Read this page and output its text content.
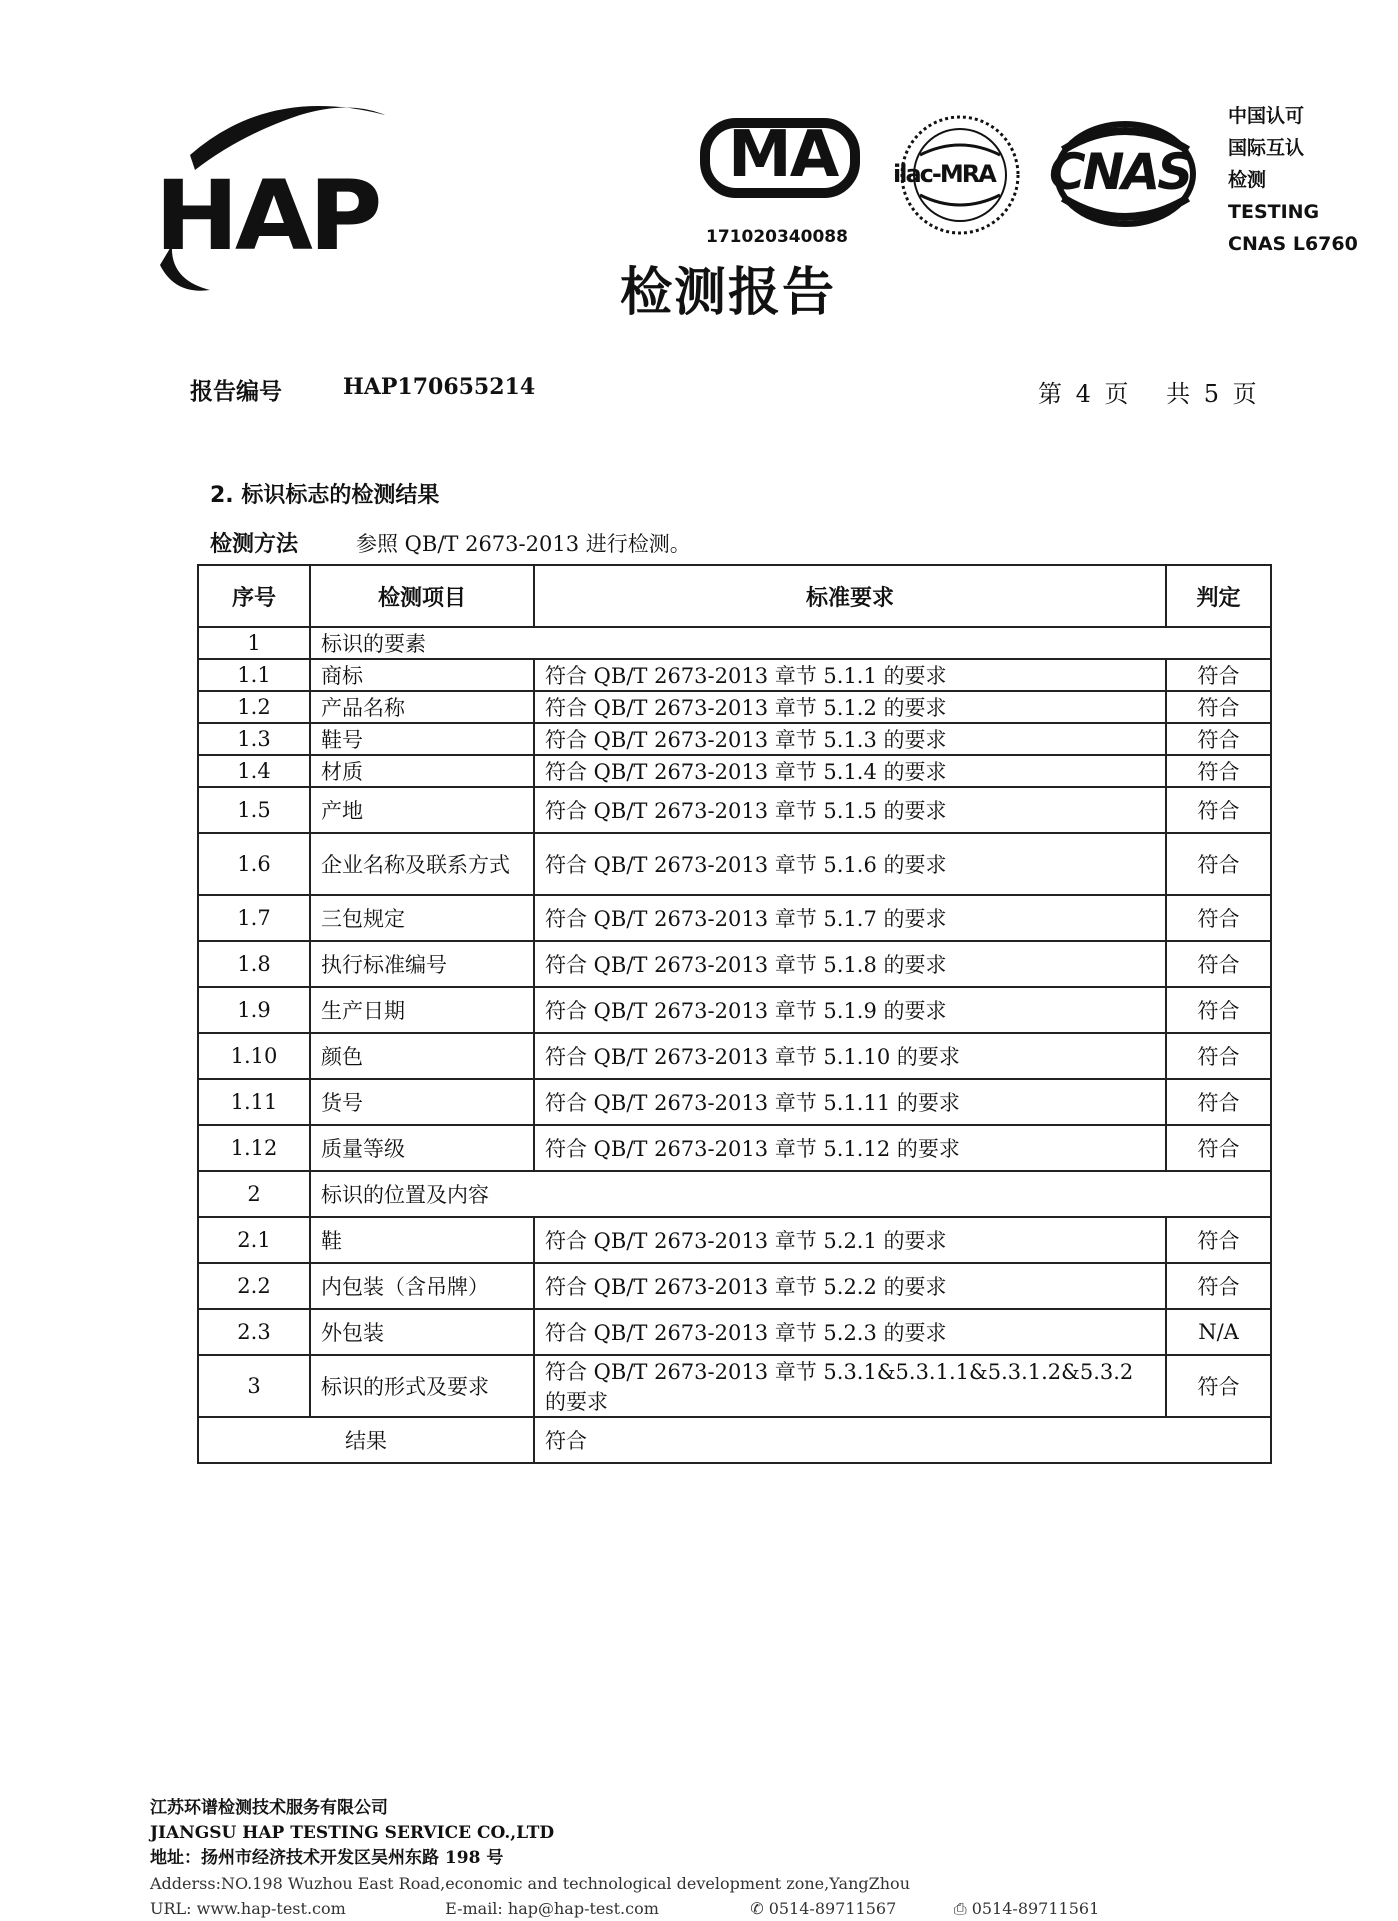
HAP
MA
171020340088
ilac-MRA CNAS
中国认可
国际互认
检测
TESTING
CNAS L6760
检测报告
报告编号	HAP170655214	第 4 页　 共 5 页
2. 标识标志的检测结果
检测方法	参照 QB/T 2673-2013 进行检测。
序号	检测项目	标准要求	判定
1	标识的要素		
1.1	商标	符合 QB/T 2673-2013 章节 5.1.1 的要求	符合
1.2	产品名称	符合 QB/T 2673-2013 章节 5.1.2 的要求	符合
1.3	鞋号	符合 QB/T 2673-2013 章节 5.1.3 的要求	符合
1.4	材质	符合 QB/T 2673-2013 章节 5.1.4 的要求	符合
1.5	产地	符合 QB/T 2673-2013 章节 5.1.5 的要求	符合
1.6	企业名称及联系方式	符合 QB/T 2673-2013 章节 5.1.6 的要求	符合
1.7	三包规定	符合 QB/T 2673-2013 章节 5.1.7 的要求	符合
1.8	执行标准编号	符合 QB/T 2673-2013 章节 5.1.8 的要求	符合
1.9	生产日期	符合 QB/T 2673-2013 章节 5.1.9 的要求	符合
1.10	颜色	符合 QB/T 2673-2013 章节 5.1.10 的要求	符合
1.11	货号	符合 QB/T 2673-2013 章节 5.1.11 的要求	符合
1.12	质量等级	符合 QB/T 2673-2013 章节 5.1.12 的要求	符合
2	标识的位置及内容		
2.1	鞋	符合 QB/T 2673-2013 章节 5.2.1 的要求	符合
2.2	内包装（含吊牌）	符合 QB/T 2673-2013 章节 5.2.2 的要求	符合
2.3	外包装	符合 QB/T 2673-2013 章节 5.2.3 的要求	N/A
3	标识的形式及要求	符合 QB/T 2673-2013 章节 5.3.1&5.3.1.1&5.3.1.2&5.3.2 的要求	符合
结果		符合	
江苏环谱检测技术服务有限公司
JIANGSU HAP TESTING SERVICE CO.,LTD
地址：扬州市经济技术开发区吴州东路 198 号
Adderss:NO.198 Wuzhou East Road,economic and technological development zone,YangZhou
URL: www.hap-test.com	E-mail: hap@hap-test.com	✆ 0514-89711567	⎙ 0514-89711561
